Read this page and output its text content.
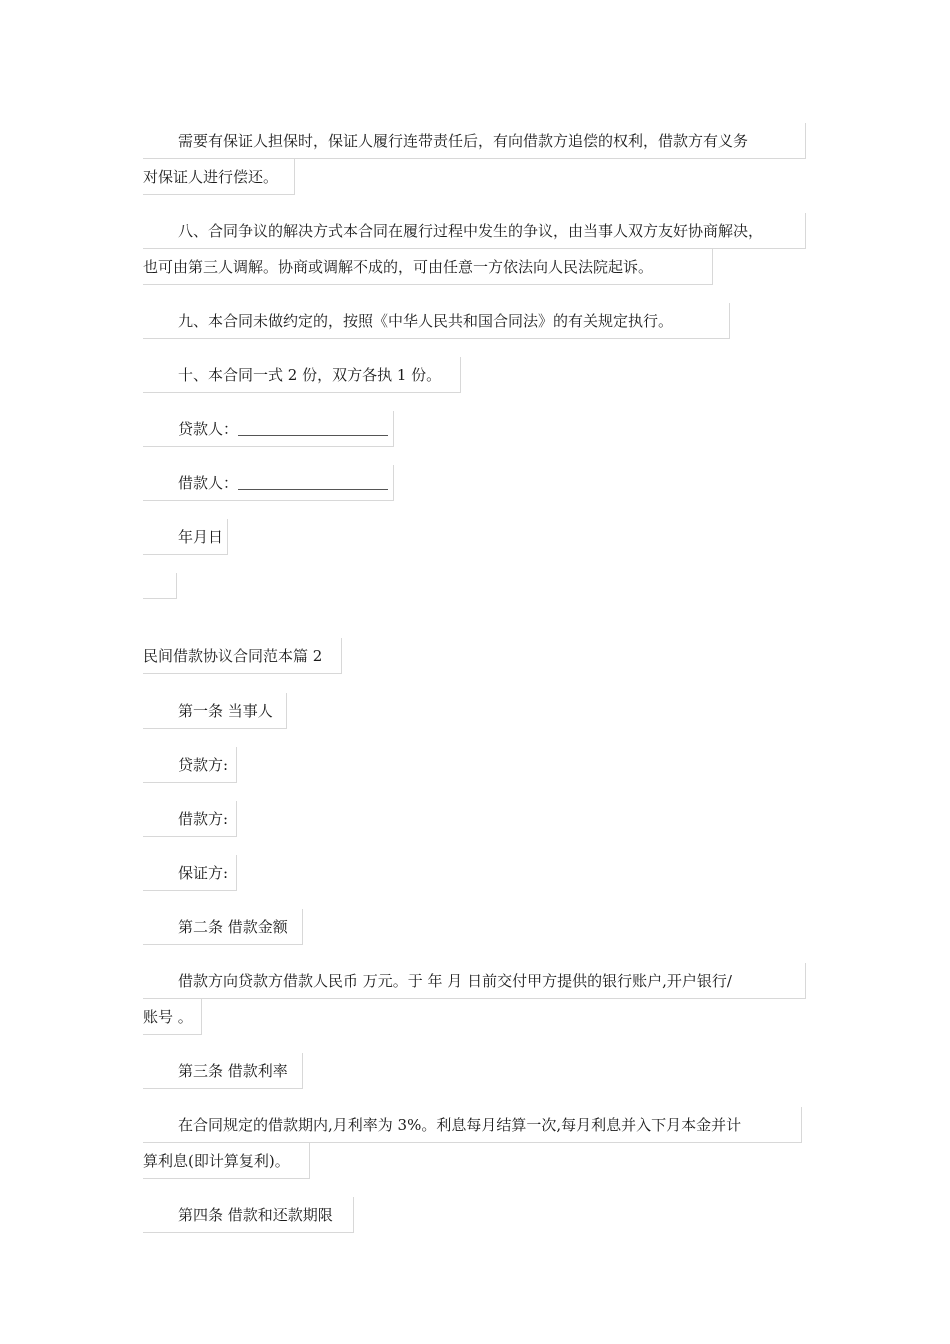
需要有保证人担保时，保证人履行连带责任后，有向借款方追偿的权利，借款方有义务
对保证人进行偿还。
八、合同争议的解决方式本合同在履行过程中发生的争议，由当事人双方友好协商解决，
也可由第三人调解。协商或调解不成的，可由任意一方依法向人民法院起诉。
九、本合同未做约定的，按照《中华人民共和国合同法》的有关规定执行。
十、本合同一式 2 份，双方各执 1 份。
贷款人：
借款人：
年月日
民间借款协议合同范本篇 2
第一条 当事人
贷款方:
借款方:
保证方:
第二条 借款金额
借款方向贷款方借款人民币 万元。于 年 月 日前交付甲方提供的银行账户,开户银行/
账号 。
第三条 借款利率
在合同规定的借款期内,月利率为 3%。利息每月结算一次,每月利息并入下月本金并计
算利息(即计算复利)。
第四条 借款和还款期限
